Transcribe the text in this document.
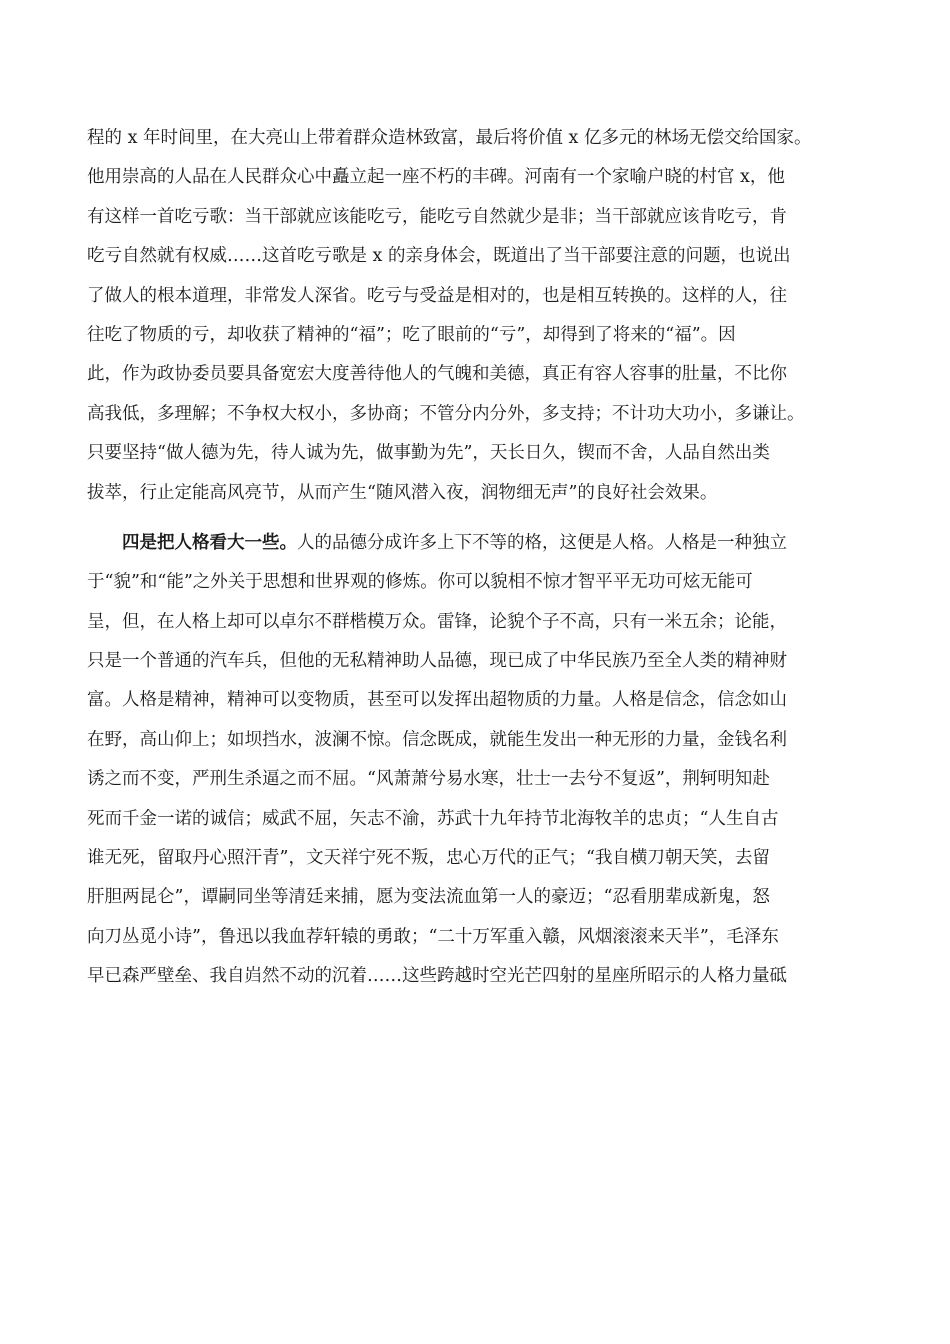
程的 x 年时间里，在大亮山上带着群众造林致富，最后将价值 x 亿多元的林场无偿交给国家。
他用崇高的人品在人民群众心中矗立起一座不朽的丰碑。河南有一个家喻户晓的村官 x，他
有这样一首吃亏歌：当干部就应该能吃亏，能吃亏自然就少是非；当干部就应该肯吃亏，肯
吃亏自然就有权威……这首吃亏歌是 x 的亲身体会，既道出了当干部要注意的问题，也说出
了做人的根本道理，非常发人深省。吃亏与受益是相对的，也是相互转换的。这样的人，往
往吃了物质的亏，却收获了精神的“福”；吃了眼前的“亏”，却得到了将来的“福”。因
此，作为政协委员要具备宽宏大度善待他人的气魄和美德，真正有容人容事的肚量，不比你
高我低，多理解；不争权大权小，多协商；不管分内分外，多支持；不计功大功小，多谦让。
只要坚持“做人德为先，待人诚为先，做事勤为先”，天长日久，锲而不舍，人品自然出类
拔萃，行止定能高风亮节，从而产生“随风潜入夜，润物细无声”的良好社会效果。
四是把人格看大一些。人的品德分成许多上下不等的格，这便是人格。人格是一种独立
于“貌”和“能”之外关于思想和世界观的修炼。你可以貌相不惊才智平平无功可炫无能可
呈，但，在人格上却可以卓尔不群楷模万众。雷锋，论貌个子不高，只有一米五余；论能，
只是一个普通的汽车兵，但他的无私精神助人品德，现已成了中华民族乃至全人类的精神财
富。人格是精神，精神可以变物质，甚至可以发挥出超物质的力量。人格是信念，信念如山
在野，高山仰上；如坝挡水，波澜不惊。信念既成，就能生发出一种无形的力量，金钱名利
诱之而不变，严刑生杀逼之而不屈。“风萧萧兮易水寒，壮士一去兮不复返”，荆轲明知赴
死而千金一诺的诚信；威武不屈，矢志不渝，苏武十九年持节北海牧羊的忠贞；“人生自古
谁无死，留取丹心照汗青”，文天祥宁死不叛，忠心万代的正气；“我自横刀朝天笑，去留
肝胆两昆仑”，谭嗣同坐等清廷来捕，愿为变法流血第一人的豪迈；“忍看朋辈成新鬼，怒
向刀丛觅小诗”，鲁迅以我血荐轩辕的勇敢；“二十万军重入赣，风烟滚滚来天半”，毛泽东
早已森严壁垒、我自岿然不动的沉着……这些跨越时空光芒四射的星座所昭示的人格力量砥
